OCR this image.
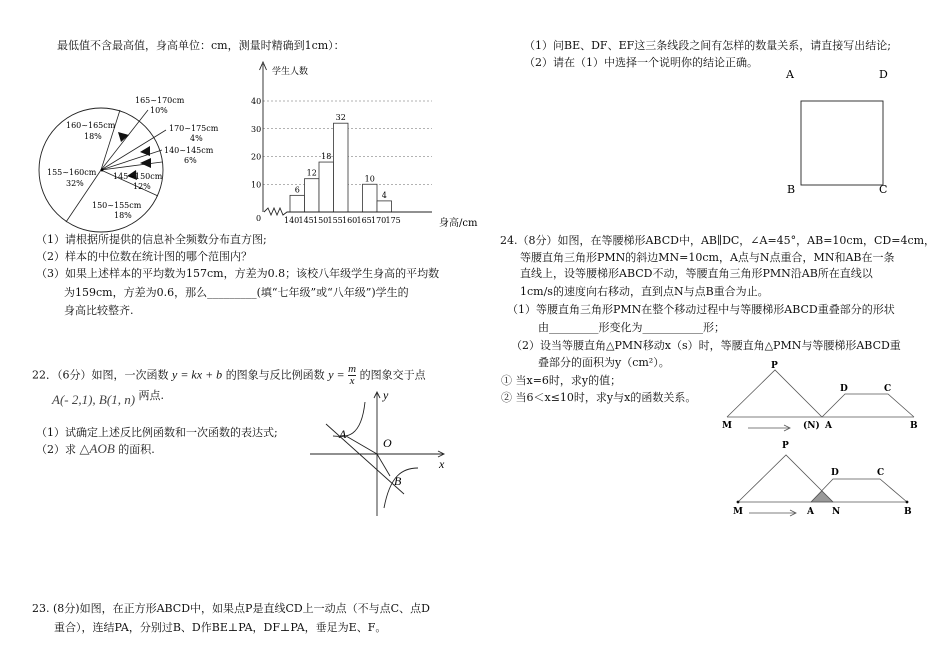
最低值不含最高值，身高单位：cm，测量时精确到1cm）：
•
165~170cm
10%
160~165cm
18%
170~175cm
4%
140~145cm
6%
155~160cm
32%
145~150cm
12%
150~155cm
18%
学生人数
身高/cm
0
10
20
30
40
140 145 150 155 160 165 170 175
6
12
18
32
10
4
（1）请根据所提供的信息补全频数分布直方图;
（2）样本的中位数在统计图的哪个范围内？
（3）如果上述样本的平均数为157cm，方差为0.8；该校八年级学生身高的平均数
为159cm，方差为0.6，那么_________(填“七年级”或“八年级”)学生的
身高比较整齐.
22．（6分）如图，一次函数 y = kx + b 的图象与反比例函数 $y = \frac{m}{x}$ 的图象交于点
A(- 2,1), B(1, n) 两点.
（1）试确定上述反比例函数和一次函数的表达式;
（2）求 △AOB 的面积.
y
x
A
O
B
23. (8分)如图，在正方形ABCD中，如果点P是直线CD上一动点（不与点C、点D
重合），连结PA，分别过B、D作BE⊥PA，DF⊥PA，垂足为E、F。
（1）问BE、DF、EF这三条线段之间有怎样的数量关系，请直接写出结论;
（2）请在（1）中选择一个说明你的结论正确。
A	D
B	C
24.（8分）如图，在等腰梯形ABCD中，AB∥DC，∠A=45°，AB=10cm，CD=4cm，
等腰直角三角形PMN的斜边MN=10cm，A点与N点重合，MN和AB在一条
直线上，设等腰梯形ABCD不动，等腰直角三角形PMN沿AB所在直线以
1cm/s的速度向右移动，直到点N与点B重合为止。
（1）等腰直角三角形PMN在整个移动过程中与等腰梯形ABCD重叠部分的形状
由_________形变化为___________形；
（2）设当等腰直角△PMN移动x（s）时，等腰直角△PMN与等腰梯形ABCD重
叠部分的面积为y（cm²）。
① 当x=6时，求y的值；
② 当6＜x≤10时，求y与x的函数关系。
P
D	C
M	(N) A	B
P
D	C
M	A N	B
